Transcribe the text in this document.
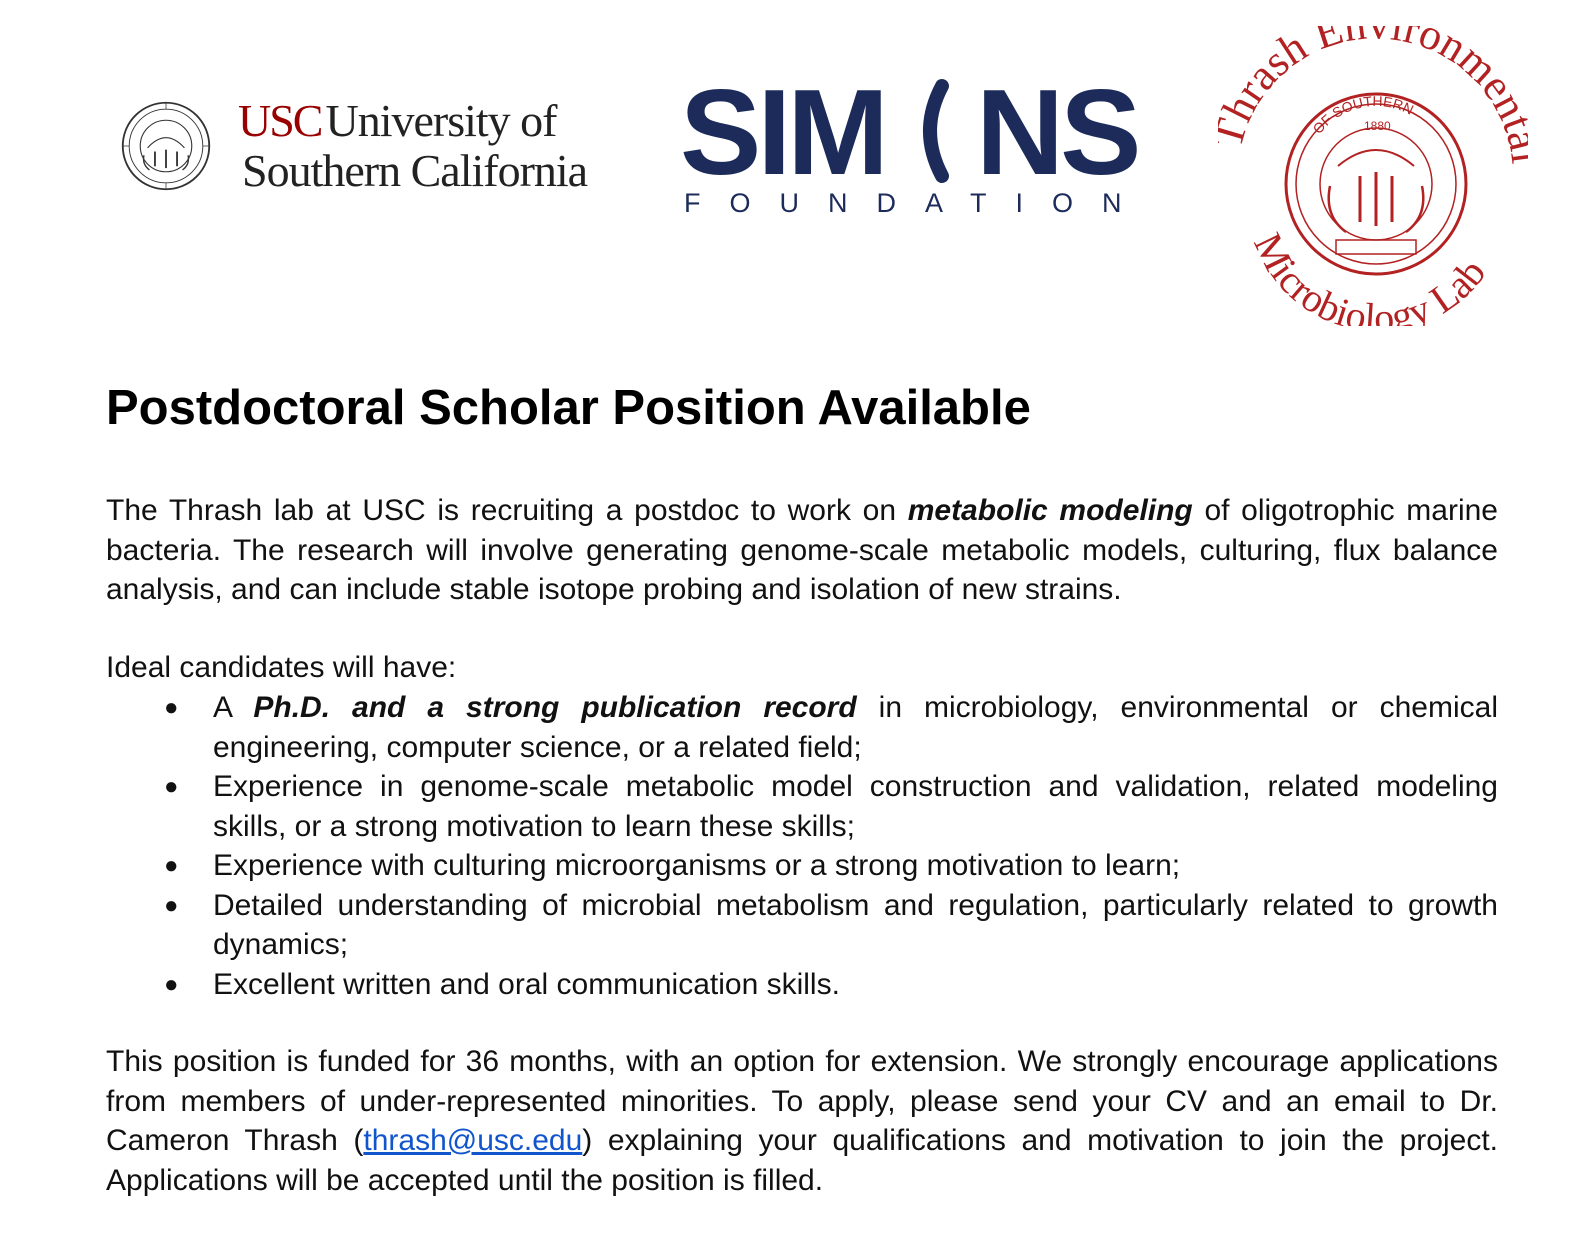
USCUniversity of
Southern California SIM NS
FOUNDATION
hrash E ronme
Microbiology Lab
OF SOUTHERN
1880
Postdoctoral Scholar Position Available

The Thrash lab at USC is recruiting a postdoc to work on metabolic modeling of oligotrophic marine bacteria. The research will involve generating genome-scale metabolic models, culturing, flux balance analysis, and can include stable isotope probing and isolation of new strains.

Ideal candidates will have:

● A Ph.D. and a strong publication record in microbiology, environmental or chemical engineering, computer science, or a related field;
● Experience in genome-scale metabolic model construction and validation, related modeling skills, or a strong motivation to learn these skills;
● Experience with culturing microorganisms or a strong motivation to learn;
● Detailed understanding of microbial metabolism and regulation, particularly related to growth dynamics;
● Excellent written and oral communication skills.

This position is funded for 36 months, with an option for extension. We strongly encourage applications from members of under-represented minorities. To apply, please send your CV and an email to Dr. Cameron Thrash (thrash@usc.edu) explaining your qualifications and motivation to join the project. Applications will be accepted until the position is filled.
